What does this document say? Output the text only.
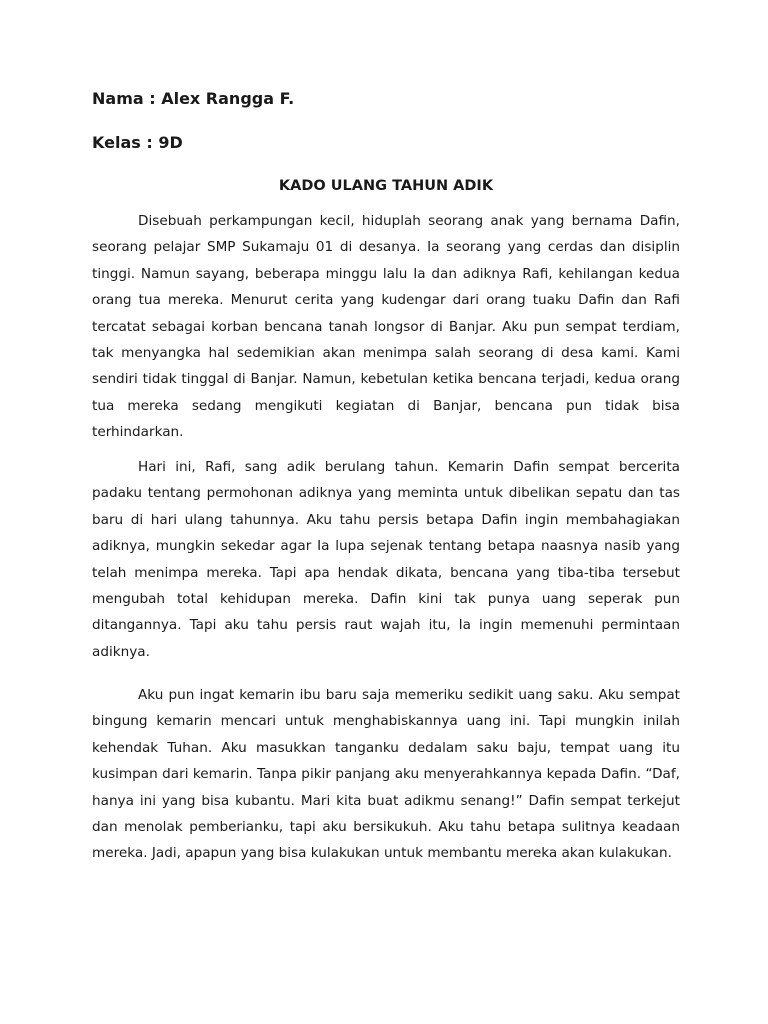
Nama : Alex Rangga F.
Kelas : 9D
KADO ULANG TAHUN ADIK

Disebuah perkampungan kecil, hiduplah seorang anak yang bernama Dafin, seorang pelajar SMP Sukamaju 01 di desanya. Ia seorang yang cerdas dan disiplin tinggi. Namun sayang, beberapa minggu lalu Ia dan adiknya Rafi, kehilangan kedua orang tua mereka. Menurut cerita yang kudengar dari orang tuaku Dafin dan Rafi tercatat sebagai korban bencana tanah longsor di Banjar. Aku pun sempat terdiam, tak menyangka hal sedemikian akan menimpa salah seorang di desa kami. Kami sendiri tidak tinggal di Banjar. Namun, kebetulan ketika bencana terjadi, kedua orang tua mereka sedang mengikuti kegiatan di Banjar, bencana pun tidak bisa terhindarkan.

Hari ini, Rafi, sang adik berulang tahun. Kemarin Dafin sempat bercerita padaku tentang permohonan adiknya yang meminta untuk dibelikan sepatu dan tas baru di hari ulang tahunnya. Aku tahu persis betapa Dafin ingin membahagiakan adiknya, mungkin sekedar agar Ia lupa sejenak tentang betapa naasnya nasib yang telah menimpa mereka. Tapi apa hendak dikata, bencana yang tiba-tiba tersebut mengubah total kehidupan mereka. Dafin kini tak punya uang seperak pun ditangannya. Tapi aku tahu persis raut wajah itu, Ia ingin memenuhi permintaan adiknya.

Aku pun ingat kemarin ibu baru saja memeriku sedikit uang saku. Aku sempat bingung kemarin mencari untuk menghabiskannya uang ini. Tapi mungkin inilah kehendak Tuhan. Aku masukkan tanganku dedalam saku baju, tempat uang itu kusimpan dari kemarin. Tanpa pikir panjang aku menyerahkannya kepada Dafin. “Daf, hanya ini yang bisa kubantu. Mari kita buat adikmu senang!” Dafin sempat terkejut dan menolak pemberianku, tapi aku bersikukuh. Aku tahu betapa sulitnya keadaan mereka. Jadi, apapun yang bisa kulakukan untuk membantu mereka akan kulakukan.
